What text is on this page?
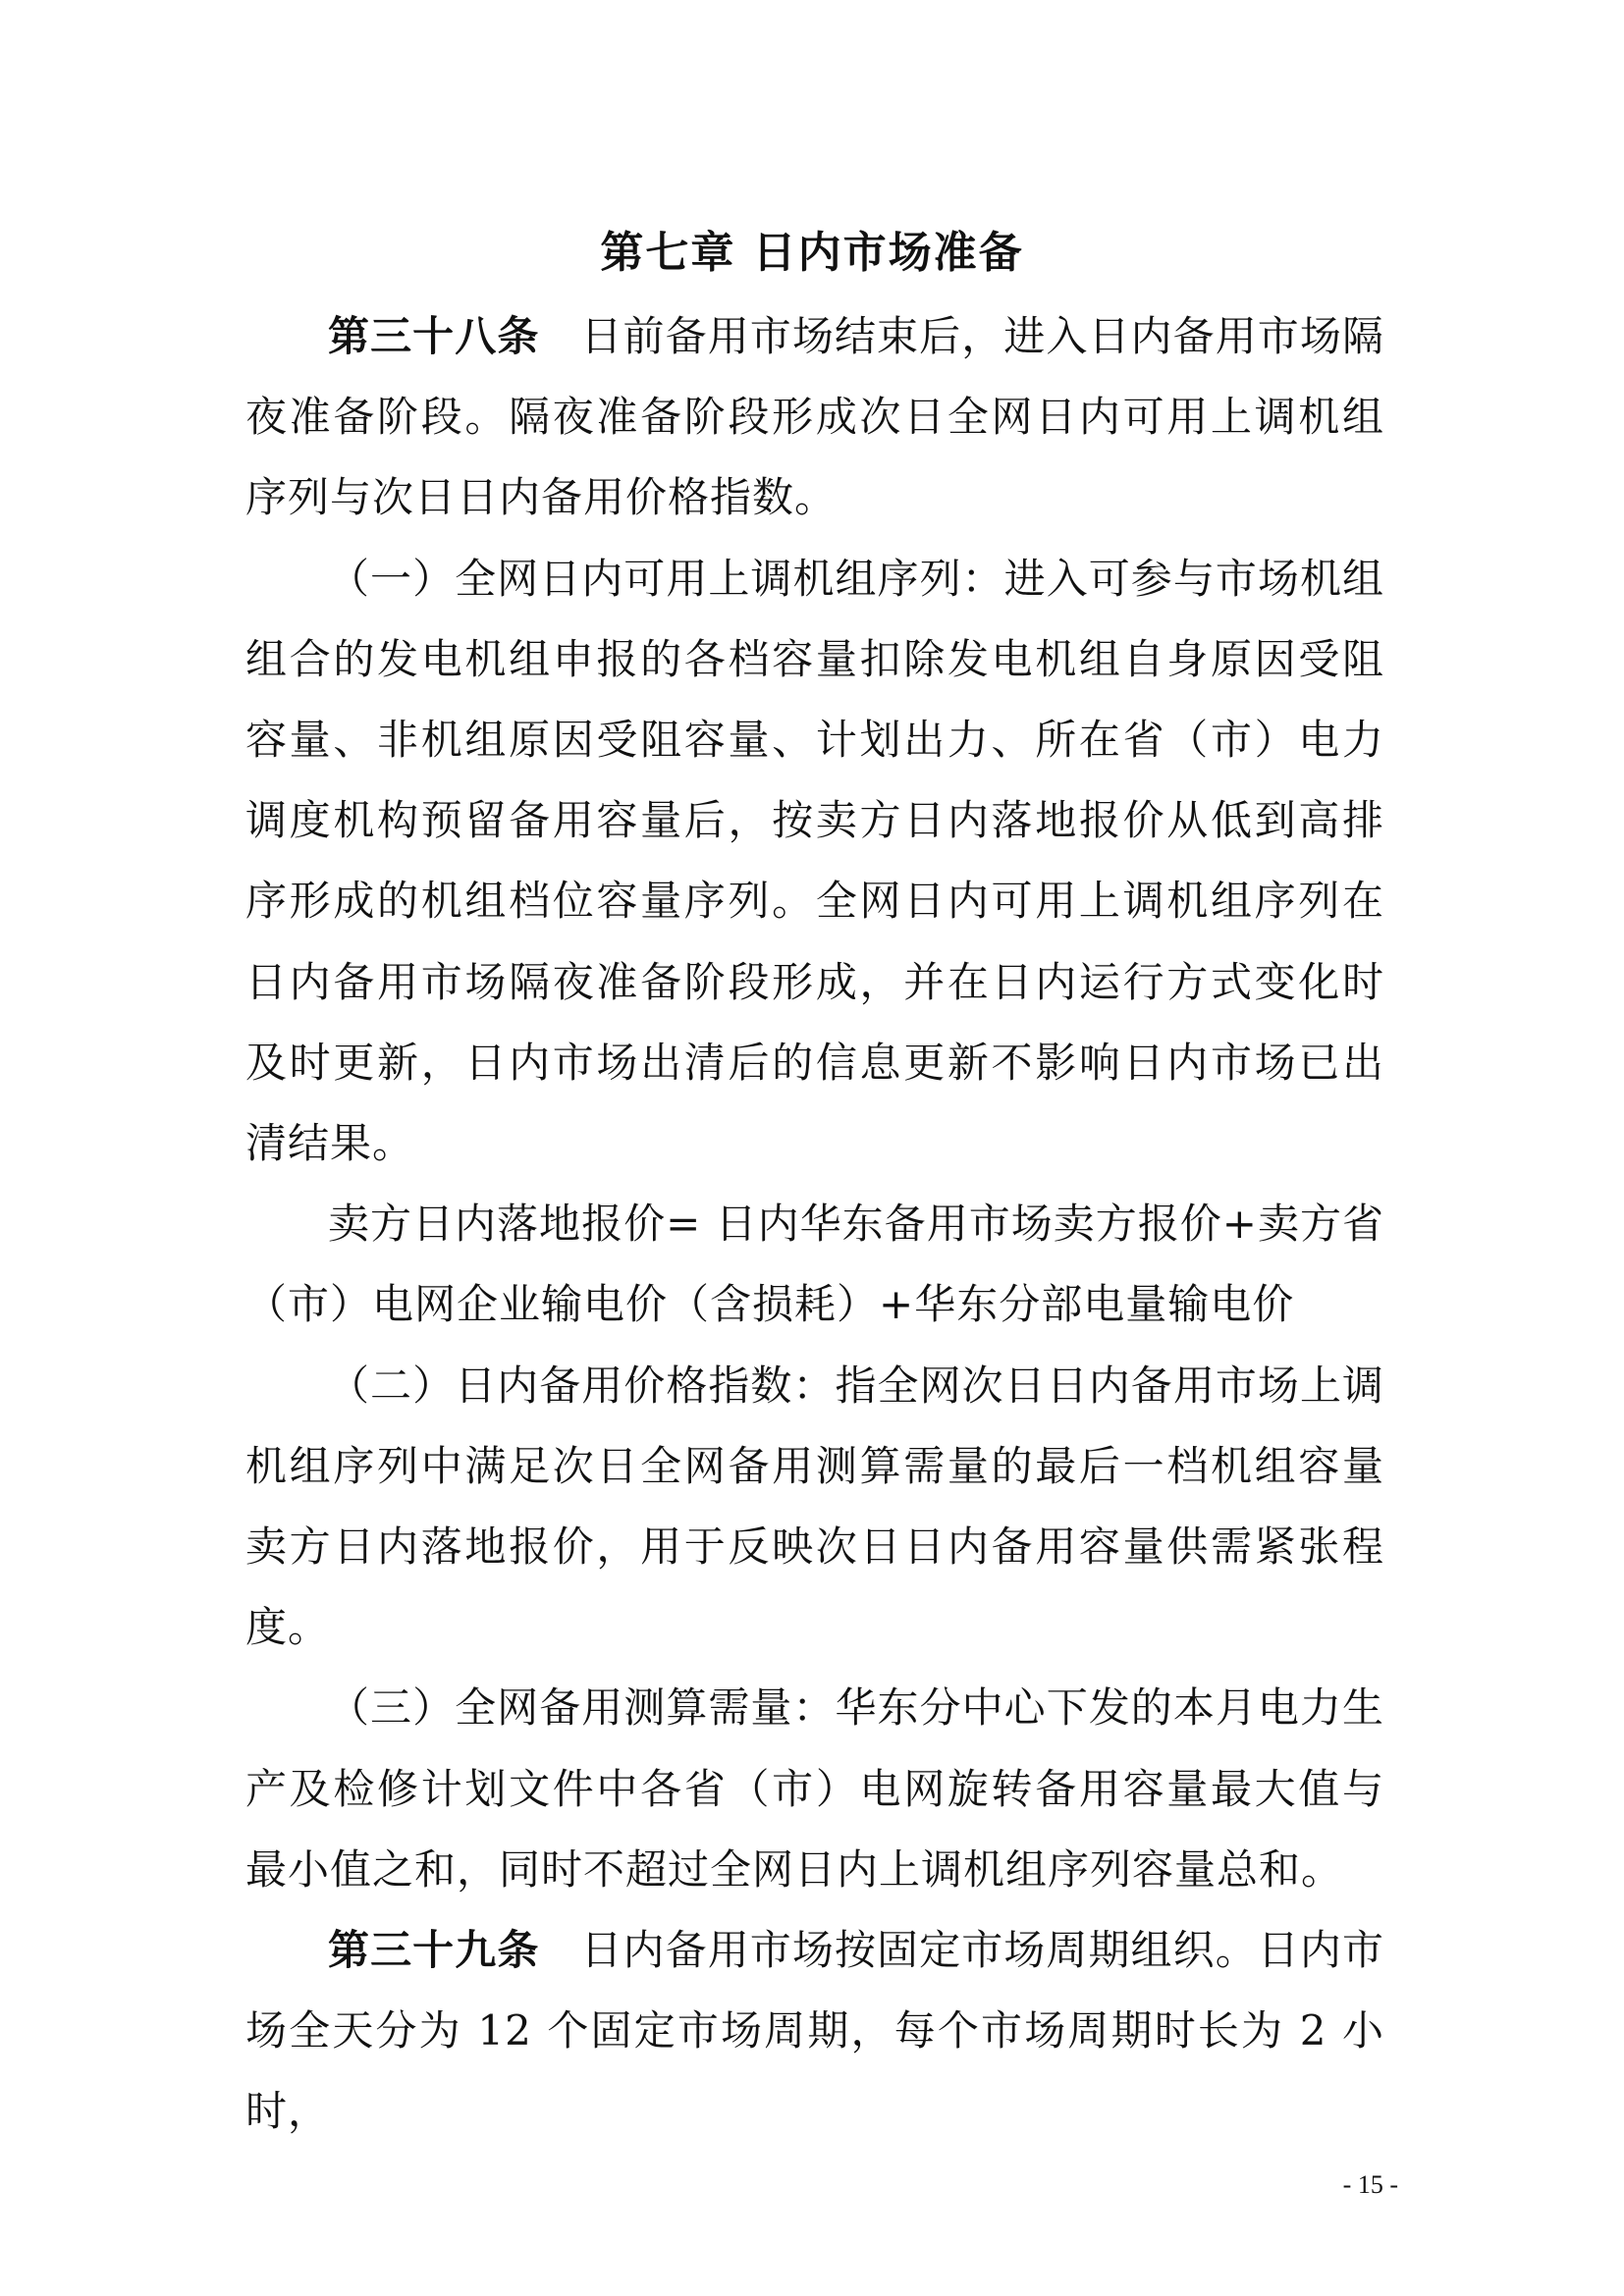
第七章 日内市场准备

第三十八条 日前备用市场结束后，进入日内备用市场隔夜准备阶段。隔夜准备阶段形成次日全网日内可用上调机组序列与次日日内备用价格指数。

（一）全网日内可用上调机组序列：进入可参与市场机组组合的发电机组申报的各档容量扣除发电机组自身原因受阻容量、非机组原因受阻容量、计划出力、所在省（市）电力调度机构预留备用容量后，按卖方日内落地报价从低到高排序形成的机组档位容量序列。全网日内可用上调机组序列在日内备用市场隔夜准备阶段形成，并在日内运行方式变化时及时更新，日内市场出清后的信息更新不影响日内市场已出清结果。

卖方日内落地报价= 日内华东备用市场卖方报价+卖方省（市）电网企业输电价（含损耗）+华东分部电量输电价

（二）日内备用价格指数：指全网次日日内备用市场上调机组序列中满足次日全网备用测算需量的最后一档机组容量卖方日内落地报价，用于反映次日日内备用容量供需紧张程度。

（三）全网备用测算需量：华东分中心下发的本月电力生产及检修计划文件中各省（市）电网旋转备用容量最大值与最小值之和，同时不超过全网日内上调机组序列容量总和。

第三十九条 日内备用市场按固定市场周期组织。日内市场全天分为 12 个固定市场周期，每个市场周期时长为 2 小时，

- 15 -
